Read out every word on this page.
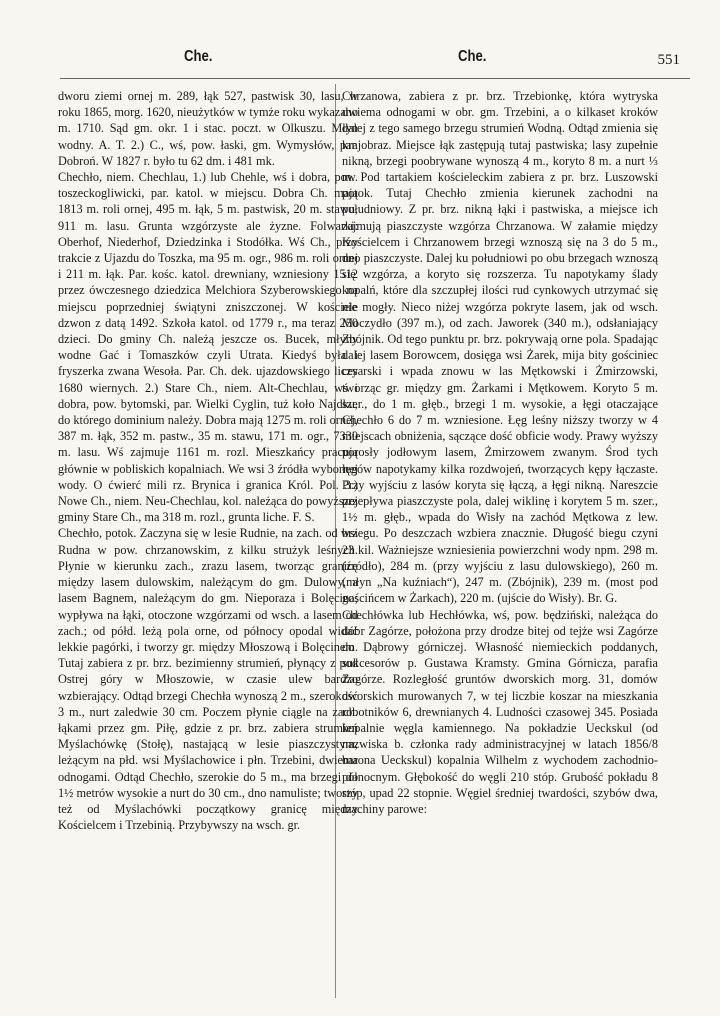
Che.	Che.	551

dworu ziemi ornej m. 289, łąk 527, pastwisk 30, lasu, w roku 1865, morg. 1620, nieużytków w tymże roku wykazano m. 1710. Sąd gm. okr. 1 i stac. poczt. w Olkuszu. Młyn wodny. A. T. 2.) C., wś, pow. łaski, gm. Wymysłów, par. Dobroń. W 1827 r. było tu 62 dm. i 481 mk.

Chechło, niem. Chechlau, 1.) lub Chehle, wś i dobra, pow. toszeckogliwicki, par. katol. w miejscu. Dobra Ch. mają 1813 m. roli ornej, 495 m. łąk, 5 m. pastwisk, 20 m. stawu, 911 m. lasu. Grunta wzgórzyste ale żyzne. Folwarki: Oberhof, Niederhof, Dziedzinka i Stodółka. Wś Ch., przy trakcie z Ujazdu do Toszka, ma 95 m. ogr., 986 m. roli ornej i 211 m. łąk. Par. kośc. katol. drewniany, wzniesiony 1512 przez ówczesnego dziedzica Melchiora Szyberowskiego na miejscu poprzedniej świątyni zniszczonej. W kościele dzwon z datą 1492. Szkoła katol. od 1779 r., ma teraz 250 dzieci. Do gminy Ch. należą jeszcze os. Bucek, młyny wodne Gać i Tomaszków czyli Utrata. Kiedyś była i fryszerka zwana Wesoła. Par. Ch. dek. ujazdowskiego liczy 1680 wiernych. 2.) Stare Ch., niem. Alt-Chechlau, wś i dobra, pow. bytomski, par. Wielki Cyglin, tuż koło Najdku, do którego dominium należy. Dobra mają 1275 m. roli ornej, 387 m. łąk, 352 m. pastw., 35 m. stawu, 171 m. ogr., 7330 m. lasu. Wś zajmuje 1161 m. rozl. Mieszkańcy pracują głównie w pobliskich kopalniach. We wsi 3 źródła wybornej wody. O ćwierć mili rz. Brynica i granica Król. Pol. 3.) Nowe Ch., niem. Neu-Chechlau, kol. należąca do powyższej gminy Stare Ch., ma 318 m. rozl., grunta liche. F. S.

Chechło, potok. Zaczyna się w lesie Rudnie, na zach. od wsi Rudna w pow. chrzanowskim, z kilku strużyk leśnych. Płynie w kierunku zach., zrazu lasem, tworząc granicę między lasem dulowskim, należącym do gm. Dulowy, a lasem Bagnem, należącym do gm. Nieporaza i Bolęcina; wypływa na łąki, otoczone wzgórzami od wsch. a lasem od zach.; od półd. leżą pola orne, od północy opodal widać lekkie pagórki, i tworzy gr. między Młoszową i Bolęcinem. Tutaj zabiera z pr. brz. bezimienny strumień, płynący z pod Ostrej góry w Młoszowie, w czasie ulew bardzo wzbierający. Odtąd brzegi Chechła wynoszą 2 m., szerokość 3 m., nurt zaledwie 30 cm. Poczem płynie ciągle na zach. łąkami przez gm. Piłę, gdzie z pr. brz. zabiera strumień Myślachówkę (Stołę), nastającą w lesie piaszczystym, leżącym na płd. wsi Myślachowice i płn. Trzebini, dwiema odnogami. Odtąd Chechło, szerokie do 5 m., ma brzegi do 1½ metrów wysokie a nurt do 30 cm., dno namuliste; tworzy też od Myślachówki początkowy granicę między Kościelcem i Trzebinią. Przybywszy na wsch. gr.

Chrzanowa, zabiera z pr. brz. Trzebionkę, która wytryska dwiema odnogami w obr. gm. Trzebini, a o kilkaset kroków dalej z tego samego brzegu strumień Wodną. Odtąd zmienia się krajobraz. Miejsce łąk zastępują tutaj pastwiska; lasy zupełnie nikną, brzegi poobrywane wynoszą 4 m., koryto 8 m. a nurt ⅓ m. Pod tartakiem kościeleckim zabiera z pr. brz. Luszowski potok. Tutaj Chechło zmienia kierunek zachodni na południowy. Z pr. brz. nikną łąki i pastwiska, a miejsce ich zajmują piaszczyste wzgórza Chrzanowa. W załamie między Kościelcem i Chrzanowem brzegi wznoszą się na 3 do 5 m., dno piaszczyste. Dalej ku południowi po obu brzegach wznoszą się wzgórza, a koryto się rozszerza. Tu napotykamy ślady kopalń, które dla szczupłej ilości rud cynkowych utrzymać się nie mogły. Nieco niżej wzgórza pokryte lasem, jak od wsch. Moczydło (397 m.), od zach. Jaworek (340 m.), odsłaniający Zbójnik. Od tego punktu pr. brz. pokrywają orne pola. Spadając dalej lasem Borowcem, dosięga wsi Żarek, mija bity gościniec cesarski i wpada znowu w las Mętkowski i Żmirzowski, tworząc gr. między gm. Żarkami i Mętkowem. Koryto 5 m. szer., do 1 m. głęb., brzegi 1 m. wysokie, a łęgi otaczające Chechło 6 do 7 m. wzniesione. Łęg leśny niższy tworzy w 4 miejscach obniżenia, sączące dość obficie wody. Prawy wyższy porosły jodłowym lasem, Żmirzowem zwanym. Środ tych łęgów napotykamy kilka rozdwojeń, tworzących kępy łączaste. Przy wyjściu z lasów koryta się łączą, a łęgi nikną. Nareszcie przepływa piaszczyste pola, dalej wiklinę i korytem 5 m. szer., 1½ m. głęb., wpada do Wisły na zachód Mętkowa z lew. brzegu. Po deszczach wzbiera znacznie. Długość biegu czyni 23 kil. Ważniejsze wzniesienia powierzchni wody npm. 298 m. (źródło), 284 m. (przy wyjściu z lasu dulowskiego), 260 m. (młyn „Na kuźniach“), 247 m. (Zbójnik), 239 m. (most pod gościńcem w Żarkach), 220 m. (ujście do Wisły). Br. G.

Chechłówka lub Hechłówka, wś, pow. będziński, należąca do dóbr Zagórze, położona przy drodze bitej od tejże wsi Zagórze do Dąbrowy górniczej. Własność niemieckich poddanych, sukcesorów p. Gustawa Kramsty. Gmina Górnicza, parafia Zagórze. Rozległość gruntów dworskich morg. 31, domów dworskich murowanych 7, w tej liczbie koszar na mieszkania robotników 6, drewnianych 4. Ludności czasowej 345. Posiada kopalnie węgla kamiennego. Na pokładzie Ueckskul (od nazwiska b. członka rady administracyjnej w latach 1856/8 barona Ueckskul) kopalnia Wilhelm z wychodem zachodnio-północnym. Głębokość do węgli 210 stóp. Grubość pokładu 8 stóp, upad 22 stopnie. Węgiel średniej twardości, szybów dwa, machiny parowe:
